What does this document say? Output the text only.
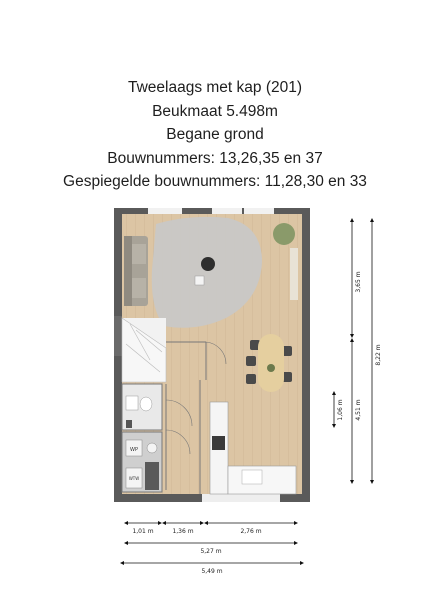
Tweelaags met kap (201)
Beukmaat 5.498m
Begane grond
Bouwnummers: 13,26,35 en 37
Gespiegelde bouwnummers: 11,28,30 en 33
WP
WTW
3,65 m
8,22 m
4,51 m
1,06 m
1,01 m	1,36 m	2,76 m
5,27 m
5,49 m
